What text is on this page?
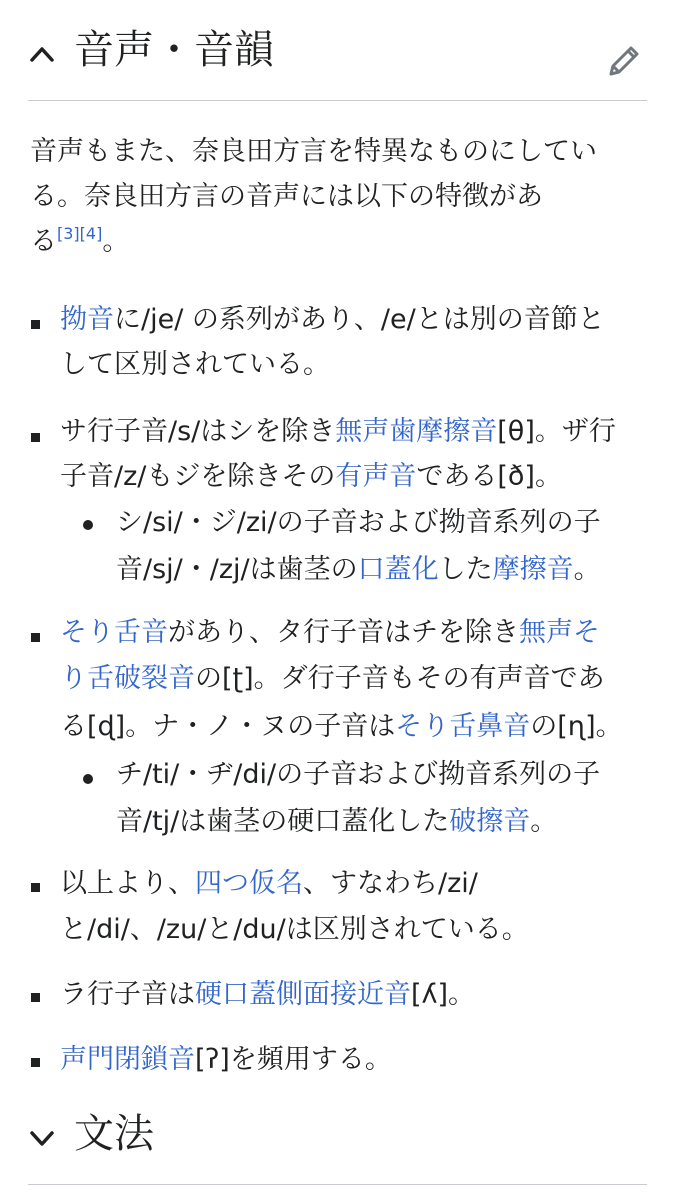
音声・音韻
音声もまた、奈良田方言を特異なものにしてい
る。奈良田方言の音声には以下の特徴があ
る[3][4]。
拗音に/je/ の系列があり、/e/とは別の音節と
して区別されている。
サ行子音/s/はシを除き無声歯摩擦音[θ]。ザ行
子音/z/もジを除きその有声音である[ð]。
シ/si/・ジ/zi/の子音および拗音系列の子
音/sj/・/zj/は歯茎の口蓋化した摩擦音。
そり舌音があり、タ行子音はチを除き無声そ
り舌破裂音の[ʈ]。ダ行子音もその有声音であ
る[ɖ]。ナ・ノ・ヌの子音はそり舌鼻音の[ɳ]。
チ/ti/・ヂ/di/の子音および拗音系列の子
音/tj/は歯茎の硬口蓋化した破擦音。
以上より、四つ仮名、すなわち/zi/
と/di/、/zu/と/du/は区別されている。
ラ行子音は硬口蓋側面接近音[ʎ]。
声門閉鎖音[ʔ]を頻用する。
文法
